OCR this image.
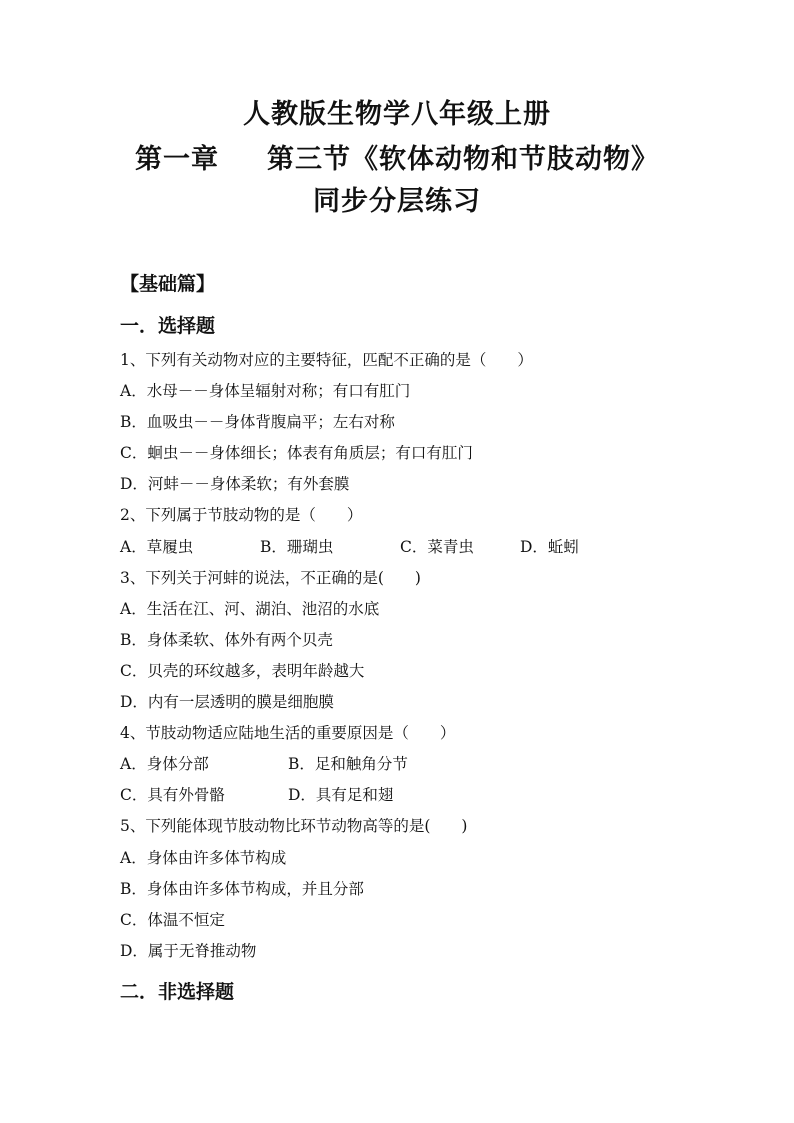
人教版生物学八年级上册
第一章 第三节《软体动物和节肢动物》
同步分层练习
【基础篇】
一．选择题
1、下列有关动物对应的主要特征，匹配不正确的是（　　）
A．水母－－身体呈辐射对称；有口有肛门
B．血吸虫－－身体背腹扁平；左右对称
C．蛔虫－－身体细长；体表有角质层；有口有肛门
D．河蚌－－身体柔软；有外套膜
2、下列属于节肢动物的是（　　）
A．草履虫	B．珊瑚虫	C．菜青虫	D．蚯蚓
3、下列关于河蚌的说法，不正确的是(　　)
A．生活在江、河、湖泊、池沼的水底
B．身体柔软、体外有两个贝壳
C．贝壳的环纹越多，表明年龄越大
D．内有一层透明的膜是细胞膜
4、节肢动物适应陆地生活的重要原因是（　　）
A．身体分部	B．足和触角分节
C．具有外骨骼	D．具有足和翅
5、下列能体现节肢动物比环节动物高等的是(　　)
A．身体由许多体节构成
B．身体由许多体节构成，并且分部
C．体温不恒定
D．属于无脊推动物
二．非选择题
